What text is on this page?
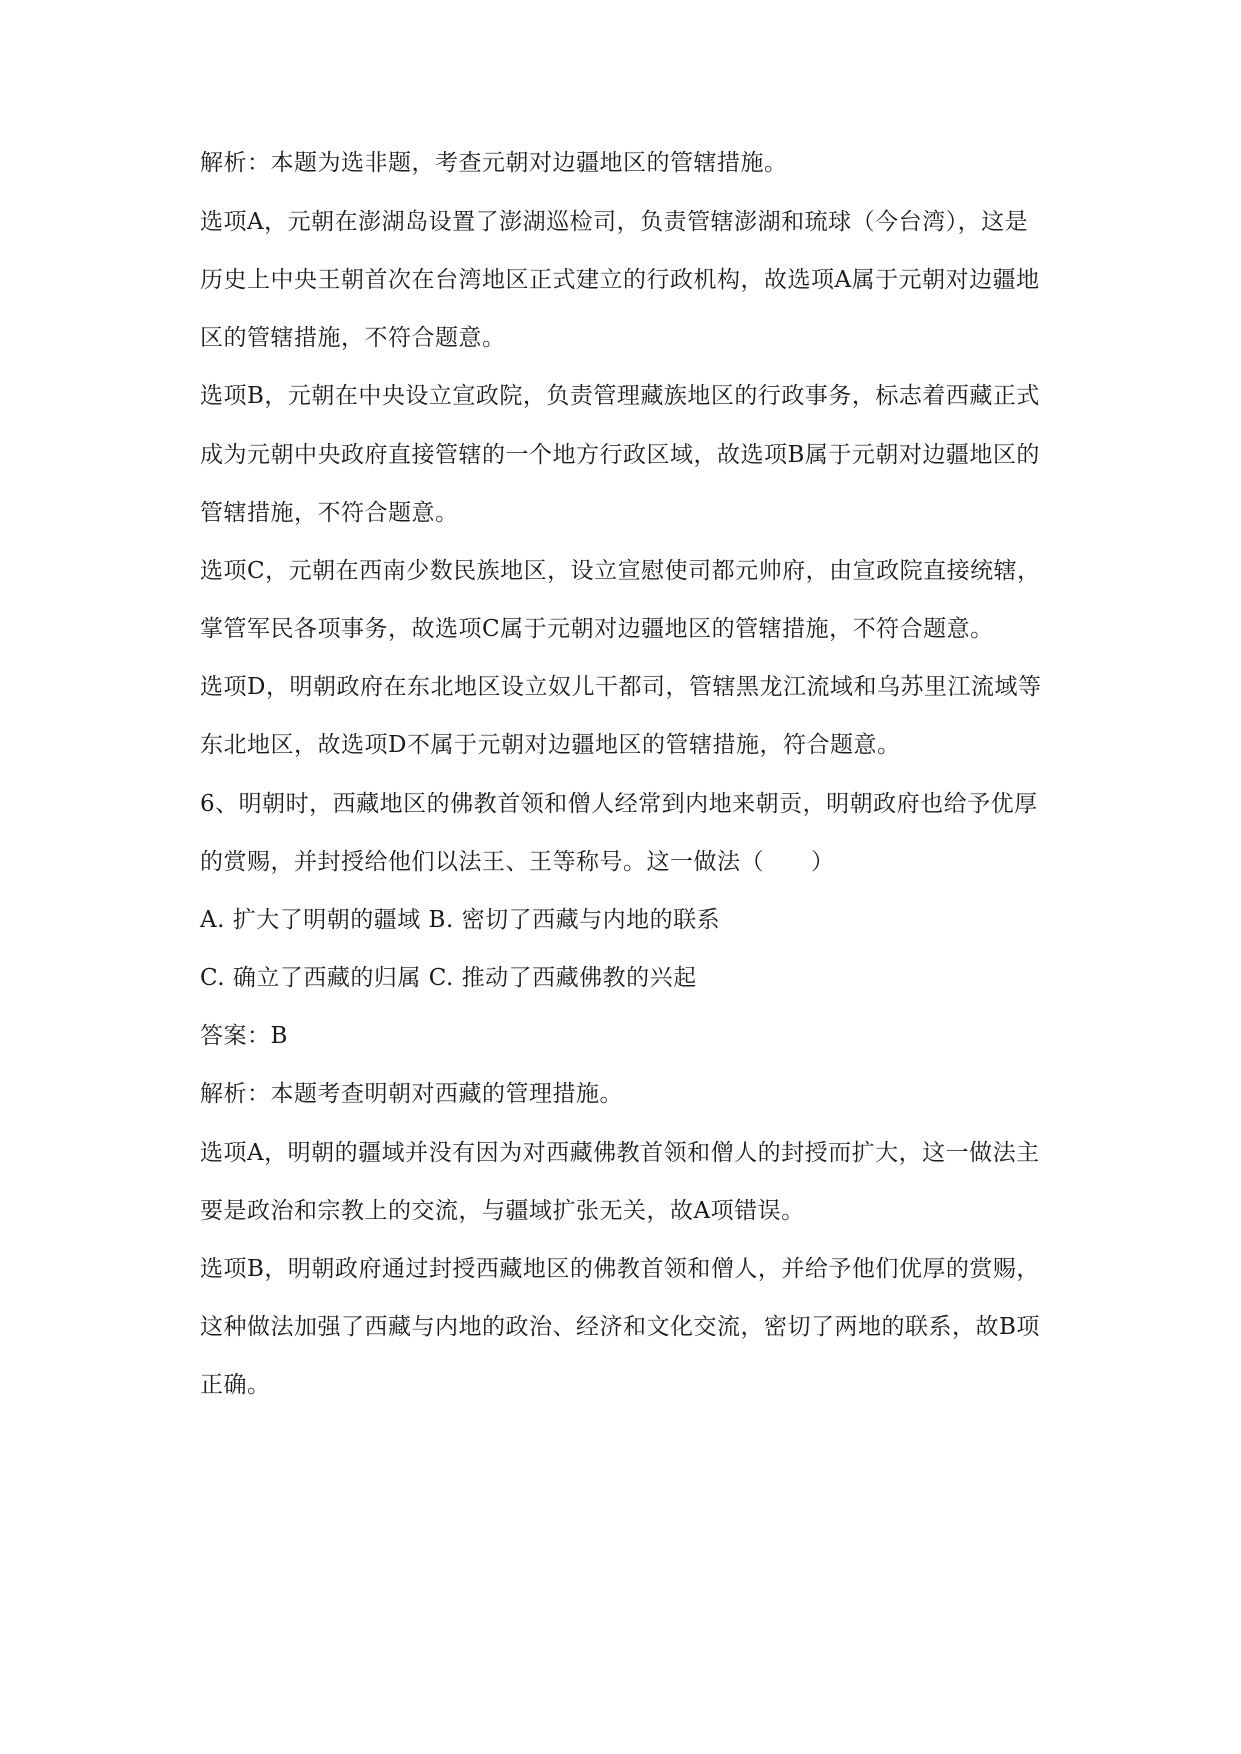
解析：本题为选非题，考查元朝对边疆地区的管辖措施。
选项A，元朝在澎湖岛设置了澎湖巡检司，负责管辖澎湖和琉球（今台湾），这是
历史上中央王朝首次在台湾地区正式建立的行政机构，故选项A属于元朝对边疆地
区的管辖措施，不符合题意。
选项B，元朝在中央设立宣政院，负责管理藏族地区的行政事务，标志着西藏正式
成为元朝中央政府直接管辖的一个地方行政区域，故选项B属于元朝对边疆地区的
管辖措施，不符合题意。
选项C，元朝在西南少数民族地区，设立宣慰使司都元帅府，由宣政院直接统辖，
掌管军民各项事务，故选项C属于元朝对边疆地区的管辖措施，不符合题意。
选项D，明朝政府在东北地区设立奴儿干都司，管辖黑龙江流域和乌苏里江流域等
东北地区，故选项D不属于元朝对边疆地区的管辖措施，符合题意。
6、明朝时，西藏地区的佛教首领和僧人经常到内地来朝贡，明朝政府也给予优厚
的赏赐，并封授给他们以法王、王等称号。这一做法（　　）
A. 扩大了明朝的疆域 B. 密切了西藏与内地的联系
C. 确立了西藏的归属 C. 推动了西藏佛教的兴起
答案：B
解析：本题考查明朝对西藏的管理措施。
选项A，明朝的疆域并没有因为对西藏佛教首领和僧人的封授而扩大，这一做法主
要是政治和宗教上的交流，与疆域扩张无关，故A项错误。
选项B，明朝政府通过封授西藏地区的佛教首领和僧人，并给予他们优厚的赏赐，
这种做法加强了西藏与内地的政治、经济和文化交流，密切了两地的联系，故B项
正确。
